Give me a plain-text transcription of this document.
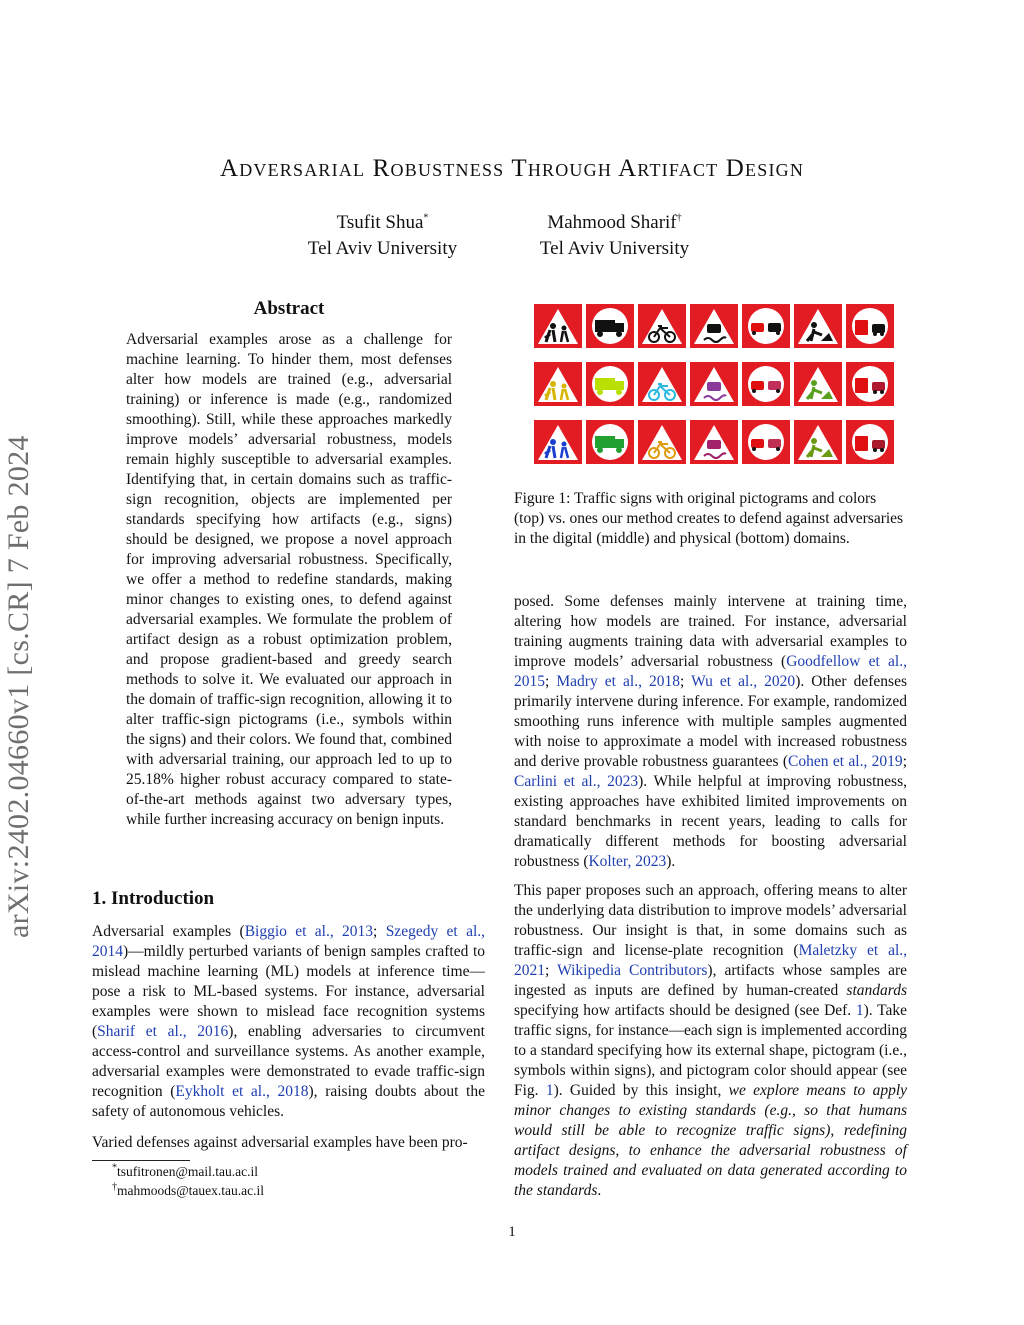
arXiv:2402.04660v1 [cs.CR] 7 Feb 2024
Adversarial Robustness Through Artifact Design
Tsufit Shua*
Tel Aviv University
Mahmood Sharif†
Tel Aviv University
Abstract
Adversarial examples arose as a challenge for machine learning. To hinder them, most defenses alter how models are trained (e.g., adversarial training) or inference is made (e.g., randomized smoothing). Still, while these approaches markedly improve models’ adversarial robustness, models remain highly susceptible to adversarial examples. Identifying that, in certain domains such as traffic-sign recognition, objects are implemented per standards specifying how artifacts (e.g., signs) should be designed, we propose a novel approach for improving adversarial robustness. Specifically, we offer a method to redefine standards, making minor changes to existing ones, to defend against adversarial examples. We formulate the problem of artifact design as a robust optimization problem, and propose gradient-based and greedy search methods to solve it. We evaluated our approach in the domain of traffic-sign recognition, allowing it to alter traffic-sign pictograms (i.e., symbols within the signs) and their colors. We found that, combined with adversarial training, our approach led to up to 25.18% higher robust accuracy compared to state-of-the-art methods against two adversary types, while further increasing accuracy on benign inputs.
1. Introduction
Adversarial examples (Biggio et al., 2013; Szegedy et al., 2014)—mildly perturbed variants of benign samples crafted to mislead machine learning (ML) models at inference time—pose a risk to ML-based systems. For instance, adversarial examples were shown to mislead face recognition systems (Sharif et al., 2016), enabling adversaries to circumvent access-control and surveillance systems. As another example, adversarial examples were demonstrated to evade traffic-sign recognition (Eykholt et al., 2018), raising doubts about the safety of autonomous vehicles.
Varied defenses against adversarial examples have been pro-
*tsufitronen@mail.tau.ac.il
†mahmoods@tauex.tau.ac.il
Figure 1: Traffic signs with original pictograms and colors (top) vs. ones our method creates to defend against adversaries in the digital (middle) and physical (bottom) domains.
posed. Some defenses mainly intervene at training time, altering how models are trained. For instance, adversarial training augments training data with adversarial examples to improve models’ adversarial robustness (Goodfellow et al., 2015; Madry et al., 2018; Wu et al., 2020). Other defenses primarily intervene during inference. For example, randomized smoothing runs inference with multiple samples augmented with noise to approximate a model with increased robustness and derive provable robustness guarantees (Cohen et al., 2019; Carlini et al., 2023). While helpful at improving robustness, existing approaches have exhibited limited improvements on standard benchmarks in recent years, leading to calls for dramatically different methods for boosting adversarial robustness (Kolter, 2023).
This paper proposes such an approach, offering means to alter the underlying data distribution to improve models’ adversarial robustness. Our insight is that, in some domains such as traffic-sign and license-plate recognition (Maletzky et al., 2021; Wikipedia Contributors), artifacts whose samples are ingested as inputs are defined by human-created standards specifying how artifacts should be designed (see Def. 1). Take traffic signs, for instance—each sign is implemented according to a standard specifying how its external shape, pictogram (i.e., symbols within signs), and pictogram color should appear (see Fig. 1). Guided by this insight, we explore means to apply minor changes to existing standards (e.g., so that humans would still be able to recognize traffic signs), redefining artifact designs, to enhance the adversarial robustness of models trained and evaluated on data generated according to the standards.
1
